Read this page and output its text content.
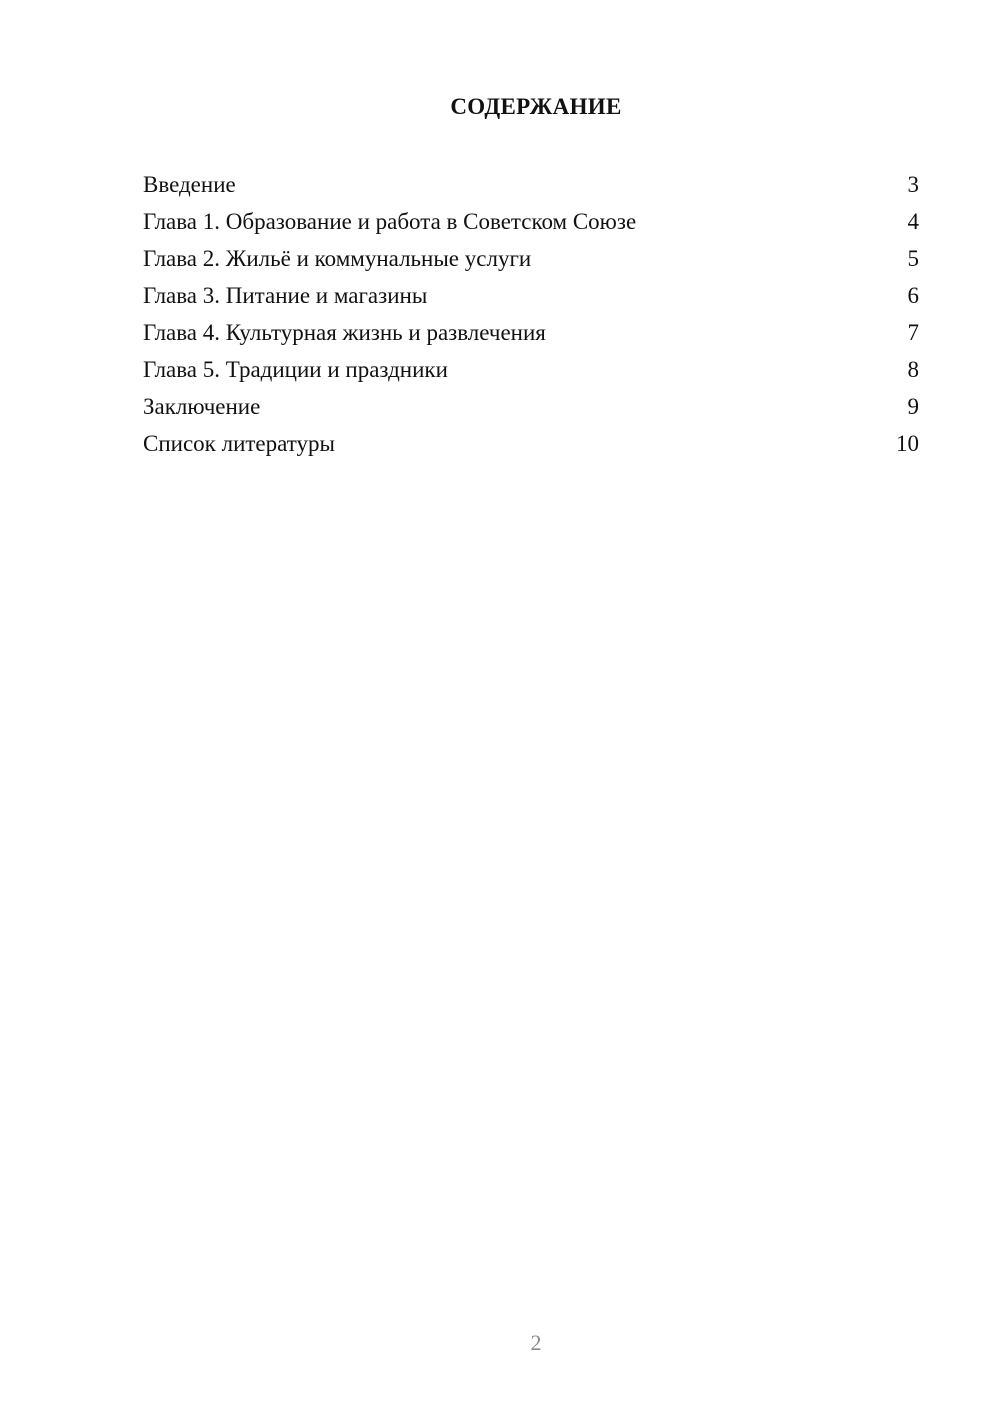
СОДЕРЖАНИЕ
Введение	3
Глава 1. Образование и работа в Советском Союзе	4
Глава 2. Жильё и коммунальные услуги	5
Глава 3. Питание и магазины	6
Глава 4. Культурная жизнь и развлечения	7
Глава 5. Традиции и праздники	8
Заключение	9
Список литературы	10
2
